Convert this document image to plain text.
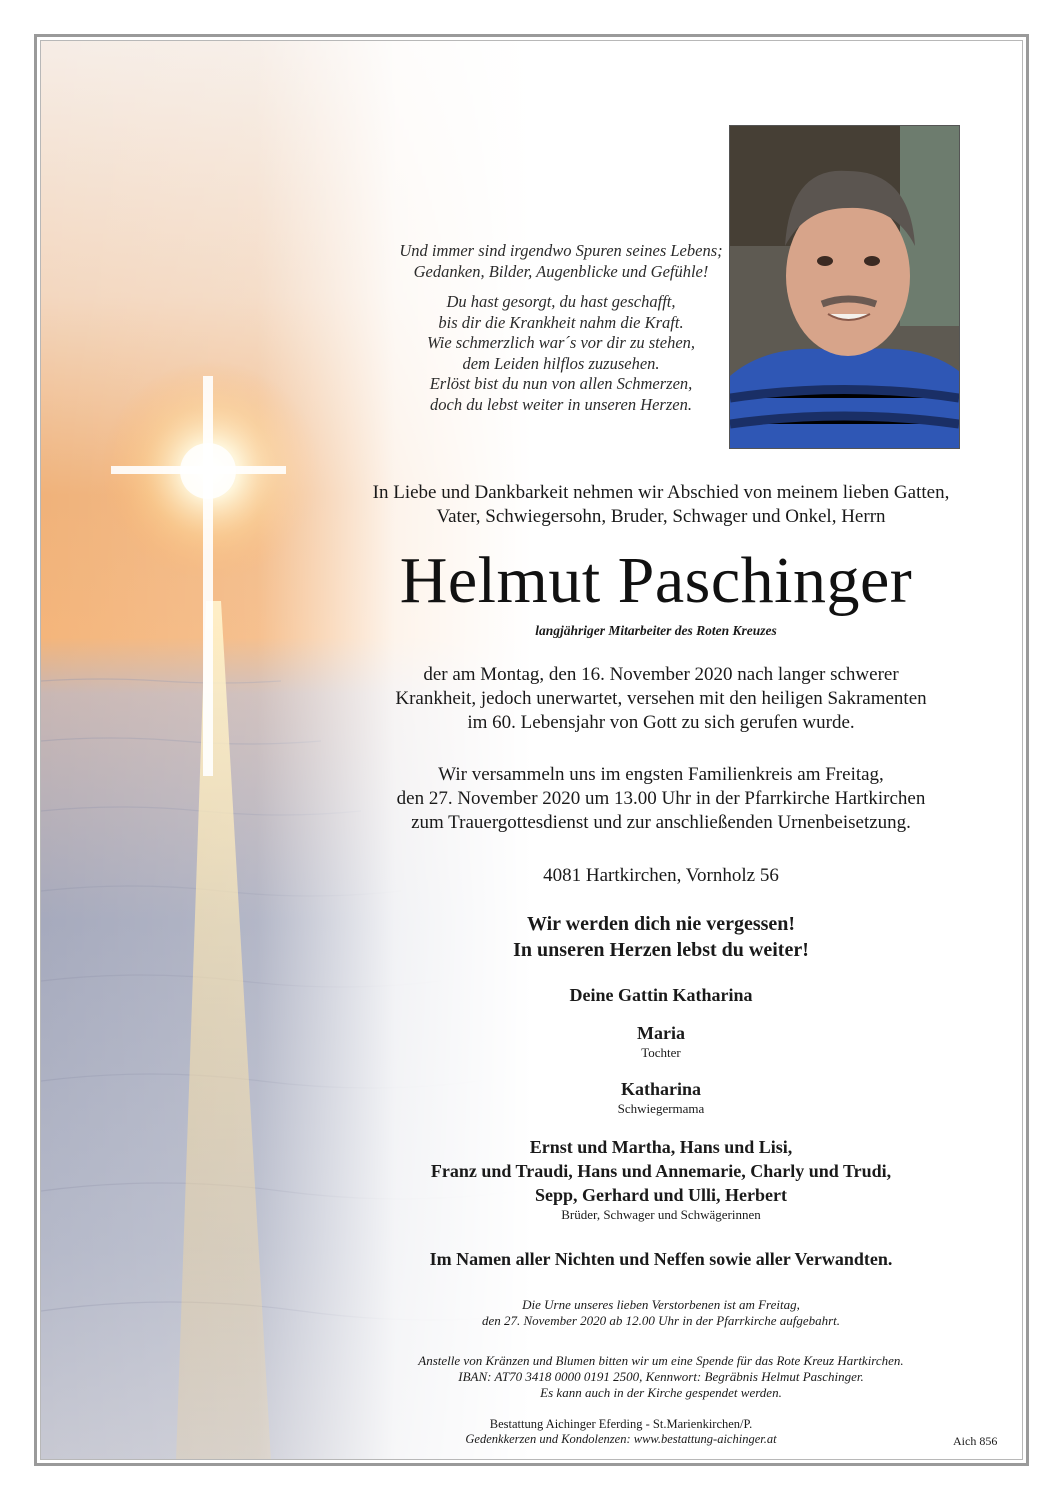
Und immer sind irgendwo Spuren seines Lebens;
Gedanken, Bilder, Augenblicke und Gefühle!
Du hast gesorgt, du hast geschafft,
bis dir die Krankheit nahm die Kraft.
Wie schmerzlich war´s vor dir zu stehen,
dem Leiden hilflos zuzusehen.
Erlöst bist du nun von allen Schmerzen,
doch du lebst weiter in unseren Herzen.
In Liebe und Dankbarkeit nehmen wir Abschied von meinem lieben Gatten,
Vater, Schwiegersohn, Bruder, Schwager und Onkel, Herrn
Helmut Paschinger
langjähriger Mitarbeiter des Roten Kreuzes
der am Montag, den 16. November 2020 nach langer schwerer
Krankheit, jedoch unerwartet, versehen mit den heiligen Sakramenten
im 60. Lebensjahr von Gott zu sich gerufen wurde.
Wir versammeln uns im engsten Familienkreis am Freitag,
den 27. November 2020 um 13.00 Uhr in der Pfarrkirche Hartkirchen
zum Trauergottesdienst und zur anschließenden Urnenbeisetzung.
4081 Hartkirchen, Vornholz 56
Wir werden dich nie vergessen!
In unseren Herzen lebst du weiter!
Deine Gattin Katharina
Maria
Tochter
Katharina
Schwiegermama
Ernst und Martha, Hans und Lisi,
Franz und Traudi, Hans und Annemarie, Charly und Trudi,
Sepp, Gerhard und Ulli, Herbert
Brüder, Schwager und Schwägerinnen
Im Namen aller Nichten und Neffen sowie aller Verwandten.
Die Urne unseres lieben Verstorbenen ist am Freitag,
den 27. November 2020 ab 12.00 Uhr in der Pfarrkirche aufgebahrt.
Anstelle von Kränzen und Blumen bitten wir um eine Spende für das Rote Kreuz Hartkirchen.
IBAN: AT70 3418 0000 0191 2500, Kennwort: Begräbnis Helmut Paschinger.
Es kann auch in der Kirche gespendet werden.
Bestattung Aichinger Eferding - St.Marienkirchen/P.
Gedenkkerzen und Kondolenzen: www.bestattung-aichinger.at	Aich 856
